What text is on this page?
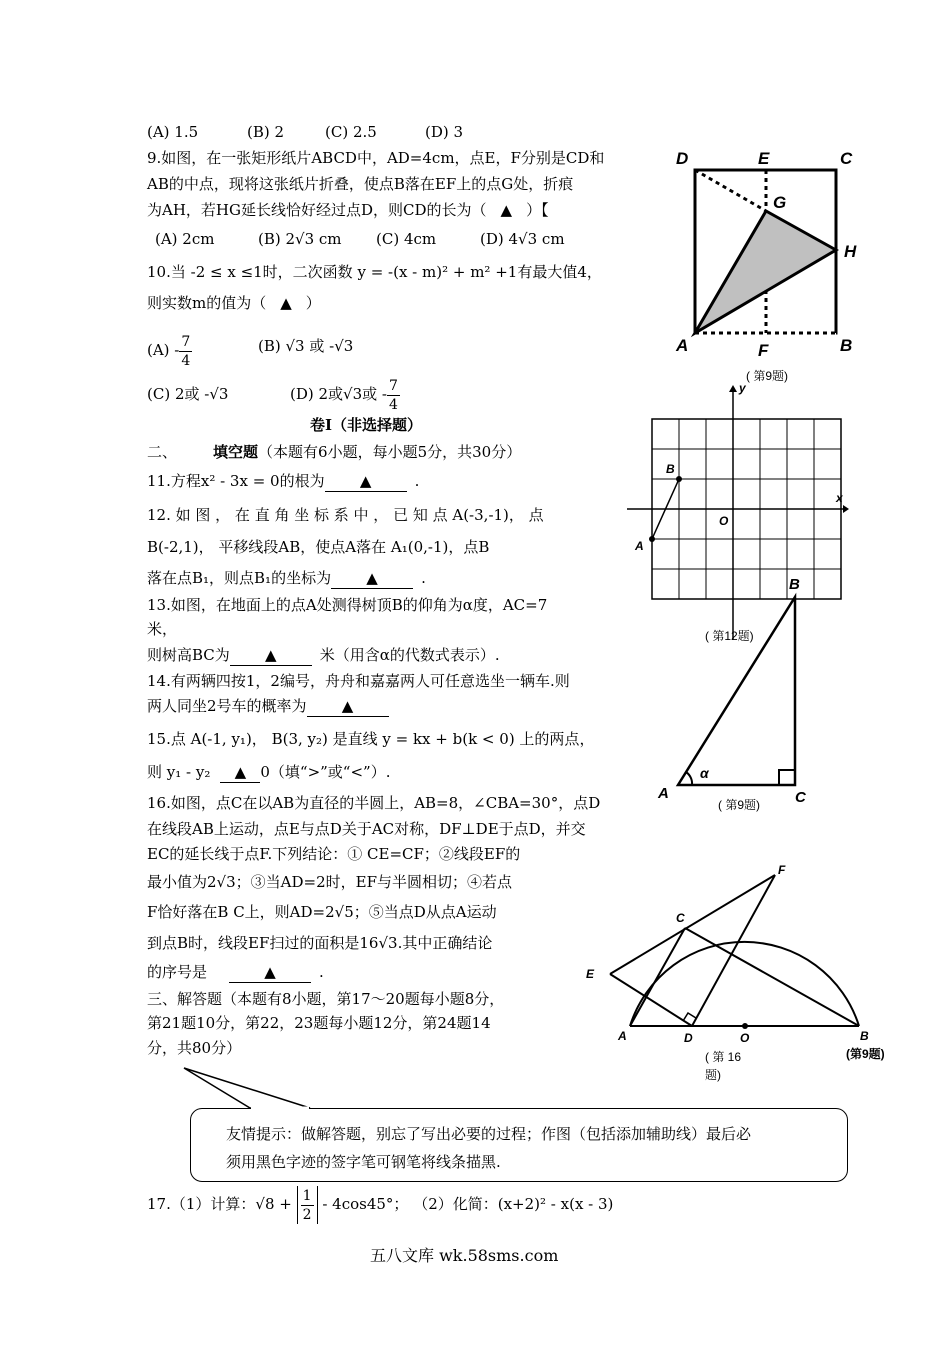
(A) 1.5	(B) 2	(C) 2.5	(D) 3
9.如图，在一张矩形纸片ABCD中，AD=4cm，点E，F分别是CD和
AB的中点，现将这张纸片折叠，使点B落在EF上的点G处，折痕
为AH，若HG延长线恰好经过点D，则CD的长为（ ▲ ）【
(A) 2cm	(B) 2√3 cm (C) 4cm	(D) 4√3 cm
10.当 -2 ≤ x ≤1时，二次函数 y = -(x - m)² + m² +1有最大值4，
则实数m的值为（ ▲ ）
$(A) - \frac{7}{4}$	(B) √3 或 -√3
(C) 2或 -√3	(D) 2或√3或 - $\frac{7}{4}$
卷Ⅰ（非选择题）
二、 填空题（本题有6小题，每小题5分，共30分）
11.方程x² - 3x = 0的根为 ▲	.
12. 如 图 ， 在 直 角 坐 标 系 中 ， 已 知 点 A(-3,-1)， 点
B(-2,1)， 平移线段AB，使点A落在 A₁(0,-1)，点B
落在点B₁，则点B₁的坐标为 ▲	.
13.如图，在地面上的点A处测得树顶B的仰角为α度，AC=7
米，
则树高BC为 ▲	米（用含α的代数式表示）.
14.有两辆四按1，2编号，舟舟和嘉嘉两人可任意选坐一辆车.则
两人同坐2号车的概率为 ▲
15.点 A(-1, y₁)， B(3, y₂) 是直线 y = kx + b(k < 0) 上的两点，
则 y₁ - y₂ ▲ 0（填“>”或“<”）.
16.如图，点C在以AB为直径的半圆上，AB=8，∠CBA=30°，点D
在线段AB上运动，点E与点D关于AC对称，DF⊥DE于点D，并交
EC的延长线于点F.下列结论：① CE=CF；②线段EF的
最小值为2√3；③当AD=2时，EF与半圆相切；④若点
F恰好落在B C上，则AD=2√5；⑤当点D从点A运动
到点B时，线段EF扫过的面积是16√3.其中正确结论
的序号是	▲	.
三、解答题（本题有8小题，第17～20题每小题8分，
第21题10分，第22，23题每小题12分，第24题14
分，共80分）
友情提示：做解答题，别忘了写出必要的过程；作图（包括添加辅助线）最后必
须用黑色字迹的签字笔可钢笔将线条描黑.
17.（1）计算：$√8 + \frac{1}{2} - 4\cos 45^\circ$； （2）化简：(x+2)² - x(x - 3)
五八文库 wk.58sms.com
D	E	C
G
H
A	F	B
( 第9题)
x
y
O
A
B
( 第12题)
B
A	C
α
( 第9题)
F
C
E
A	D	O	B
( 第 16
题)
(第9题)
